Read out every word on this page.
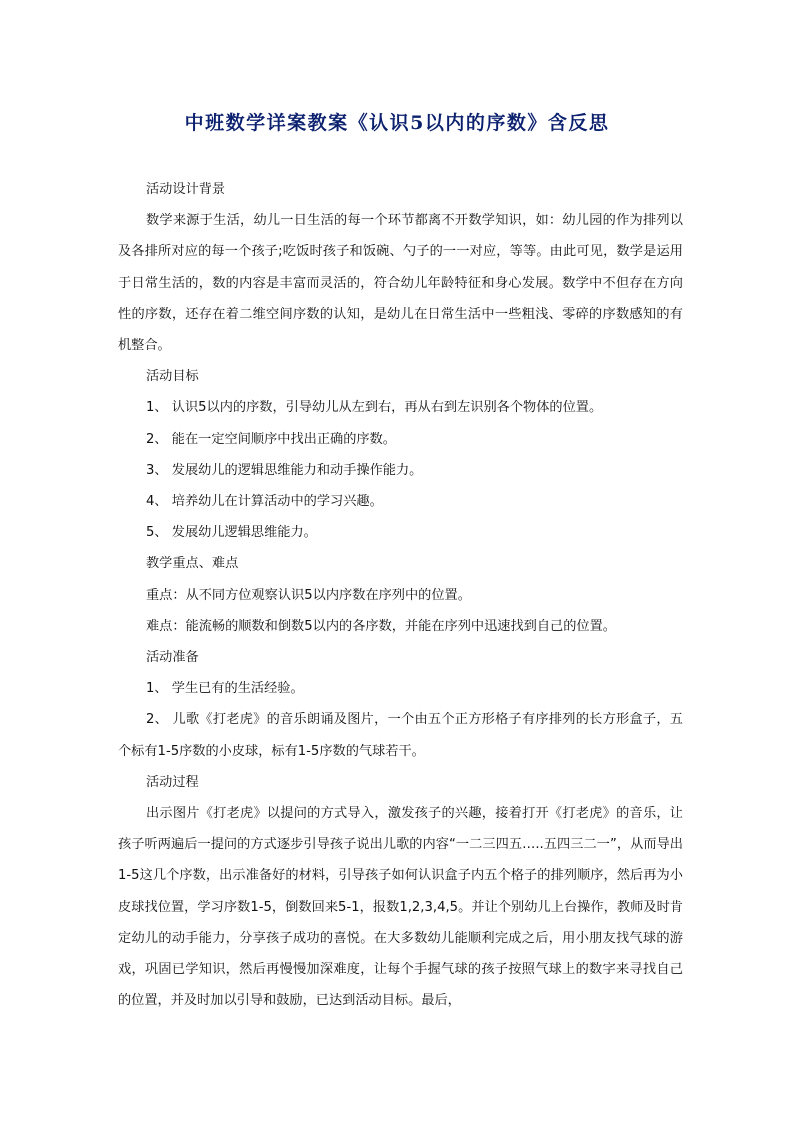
中班数学详案教案《认识5以内的序数》含反思

活动设计背景

数学来源于生活，幼儿一日生活的每一个环节都离不开数学知识，如：幼儿园的作为排列以及各排所对应的每一个孩子;吃饭时孩子和饭碗、勺子的一一对应，等等。由此可见，数学是运用于日常生活的，数的内容是丰富而灵活的，符合幼儿年龄特征和身心发展。数学中不但存在方向性的序数，还存在着二维空间序数的认知，是幼儿在日常生活中一些粗浅、零碎的序数感知的有机整合。

活动目标

1、 认识5以内的序数，引导幼儿从左到右，再从右到左识别各个物体的位置。

2、 能在一定空间顺序中找出正确的序数。

3、 发展幼儿的逻辑思维能力和动手操作能力。

4、 培养幼儿在计算活动中的学习兴趣。

5、 发展幼儿逻辑思维能力。

教学重点、难点

重点：从不同方位观察认识5以内序数在序列中的位置。

难点：能流畅的顺数和倒数5以内的各序数，并能在序列中迅速找到自己的位置。

活动准备

1、 学生已有的生活经验。

2、 儿歌《打老虎》的音乐朗诵及图片，一个由五个正方形格子有序排列的长方形盒子，五个标有1-5序数的小皮球，标有1-5序数的气球若干。

活动过程

出示图片《打老虎》以提问的方式导入，激发孩子的兴趣，接着打开《打老虎》的音乐，让孩子听两遍后一提问的方式逐步引导孩子说出儿歌的内容“一二三四五…..五四三二一”，从而导出1-5这几个序数，出示准备好的材料，引导孩子如何认识盒子内五个格子的排列顺序，然后再为小皮球找位置，学习序数1-5，倒数回来5-1，报数1,2,3,4,5。并让个别幼儿上台操作，教师及时肯定幼儿的动手能力，分享孩子成功的喜悦。在大多数幼儿能顺利完成之后，用小朋友找气球的游戏，巩固已学知识，然后再慢慢加深难度，让每个手握气球的孩子按照气球上的数字来寻找自己的位置，并及时加以引导和鼓励，已达到活动目标。最后，
